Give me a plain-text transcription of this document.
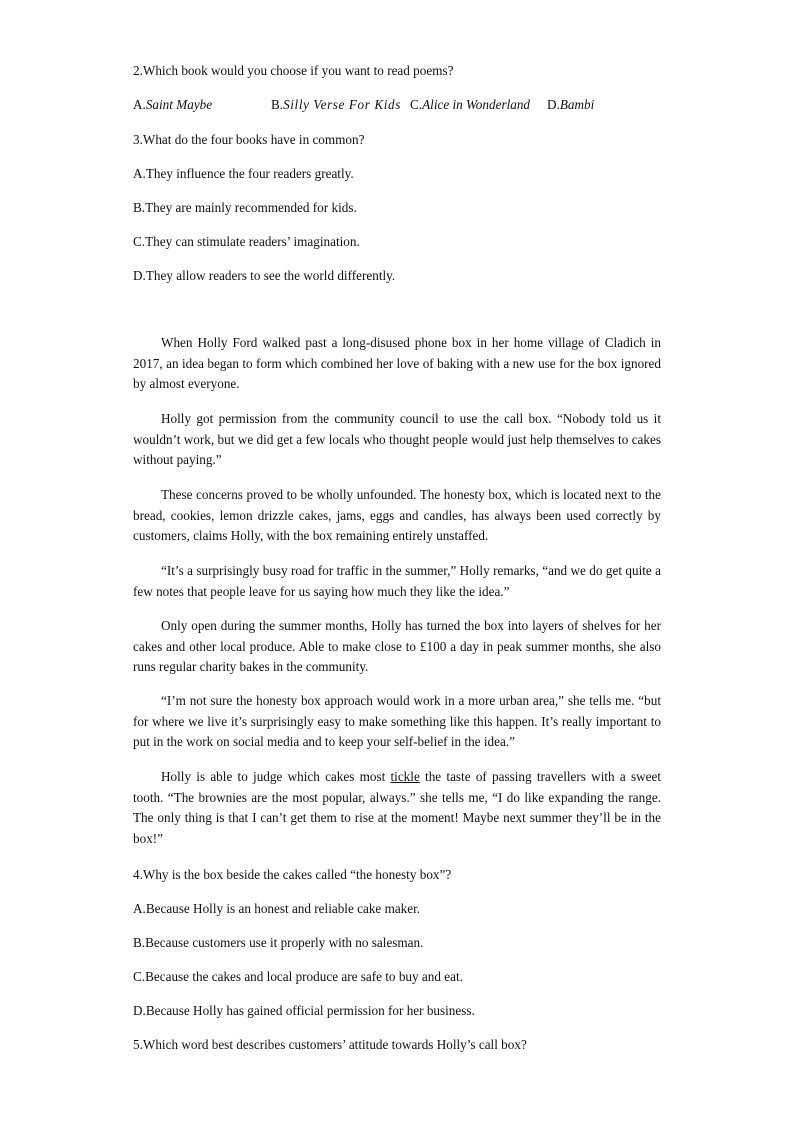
2.Which book would you choose if you want to read poems?
A.Saint Maybe	B.Silly Verse For Kids C.Alice in Wonderland D.Bambi
3.What do the four books have in common?
A.They influence the four readers greatly.
B.They are mainly recommended for kids.
C.They can stimulate readers’ imagination.
D.They allow readers to see the world differently.
When Holly Ford walked past a long-disused phone box in her home village of Cladich in 2017, an idea began to form which combined her love of baking with a new use for the box ignored by almost everyone.
Holly got permission from the community council to use the call box. “Nobody told us it wouldn’t work, but we did get a few locals who thought people would just help themselves to cakes without paying.”
These concerns proved to be wholly unfounded. The honesty box, which is located next to the bread, cookies, lemon drizzle cakes, jams, eggs and candles, has always been used correctly by customers, claims Holly, with the box remaining entirely unstaffed.
“It’s a surprisingly busy road for traffic in the summer,” Holly remarks, “and we do get quite a few notes that people leave for us saying how much they like the idea.”
Only open during the summer months, Holly has turned the box into layers of shelves for her cakes and other local produce. Able to make close to £100 a day in peak summer months, she also runs regular charity bakes in the community.
“I’m not sure the honesty box approach would work in a more urban area,” she tells me. “but for where we live it’s surprisingly easy to make something like this happen. It’s really important to put in the work on social media and to keep your self-belief in the idea.”
Holly is able to judge which cakes most tickle the taste of passing travellers with a sweet tooth. “The brownies are the most popular, always.” she tells me, “I do like expanding the range. The only thing is that I can’t get them to rise at the moment! Maybe next summer they’ll be in the box!”
4.Why is the box beside the cakes called “the honesty box”?
A.Because Holly is an honest and reliable cake maker.
B.Because customers use it properly with no salesman.
C.Because the cakes and local produce are safe to buy and eat.
D.Because Holly has gained official permission for her business.
5.Which word best describes customers’ attitude towards Holly’s call box?
